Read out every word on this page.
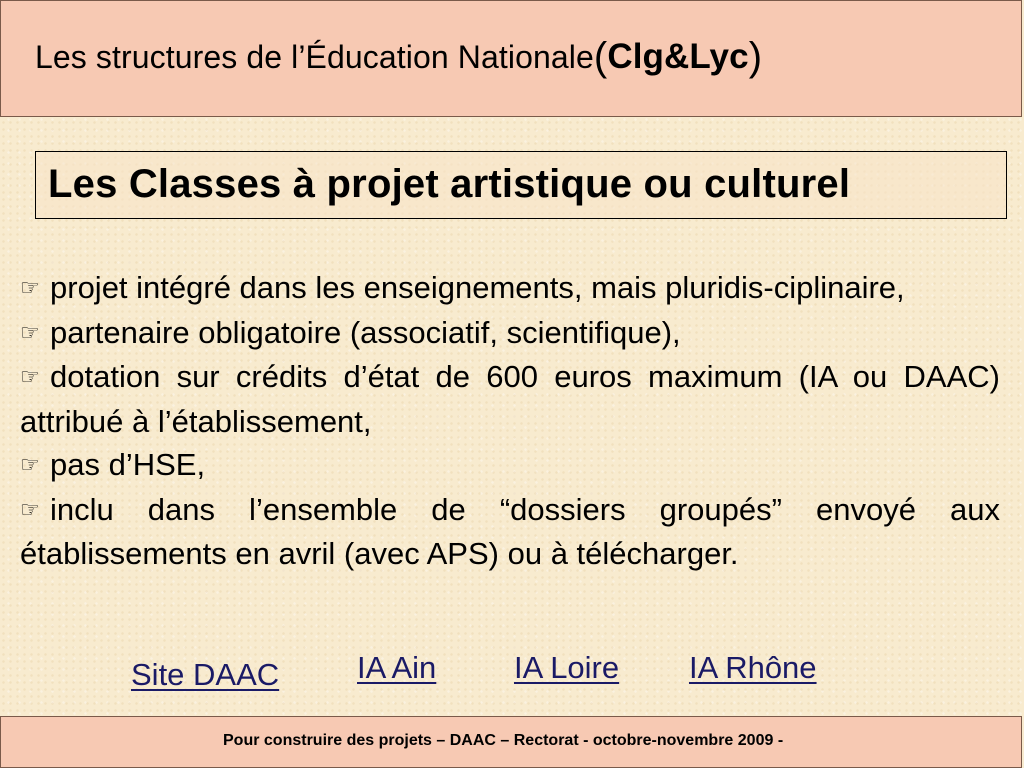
Les structures de l’Éducation Nationale(Clg&Lyc)
Les Classes à projet artistique ou culturel

☞ projet intégré dans les enseignements, mais pluridis-ciplinaire,

☞ partenaire obligatoire (associatif, scientifique),

☞ dotation sur crédits d’état de 600 euros maximum (IA ou DAAC) attribué à l’établissement,

☞ pas d’HSE,

☞ inclu dans l’ensemble de “dossiers groupés” envoyé aux établissements en avril (avec APS) ou à télécharger.

Site DAAC	IA Ain	IA Loire IA Rhône
Pour construire des projets – DAAC – Rectorat - octobre-novembre 2009 -
